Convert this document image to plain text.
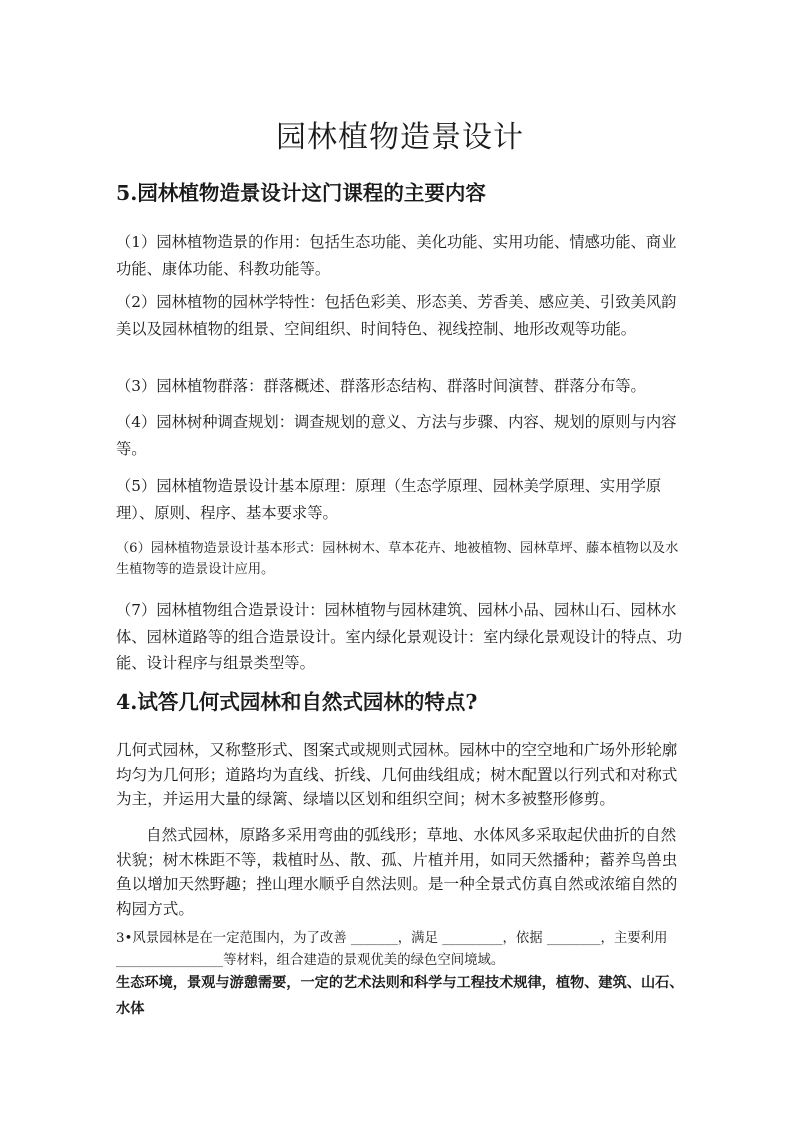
园林植物造景设计
5.园林植物造景设计这门课程的主要内容
（1）园林植物造景的作用：包括生态功能、美化功能、实用功能、情感功能、商业功能、康体功能、科教功能等。
（2）园林植物的园林学特性：包括色彩美、形态美、芳香美、感应美、引致美风韵美以及园林植物的组景、空间组织、时间特色、视线控制、地形改观等功能。
（3）园林植物群落：群落概述、群落形态结构、群落时间演替、群落分布等。
（4）园林树种调查规划：调查规划的意义、方法与步骤、内容、规划的原则与内容等。
（5）园林植物造景设计基本原理：原理（生态学原理、园林美学原理、实用学原理）、原则、程序、基本要求等。
（6）园林植物造景设计基本形式：园林树木、草本花卉、地被植物、园林草坪、藤本植物以及水生植物等的造景设计应用。
（7）园林植物组合造景设计：园林植物与园林建筑、园林小品、园林山石、园林水体、园林道路等的组合造景设计。室内绿化景观设计：室内绿化景观设计的特点、功能、设计程序与组景类型等。
4.试答几何式园林和自然式园林的特点?
几何式园林，又称整形式、图案式或规则式园林。园林中的空空地和广场外形轮廓均匀为几何形；道路均为直线、折线、几何曲线组成；树木配置以行列式和对称式为主，并运用大量的绿篱、绿墙以区划和组织空间；树木多被整形修剪。
自然式园林，原路多采用弯曲的弧线形；草地、水体风多采取起伏曲折的自然状貌；树木株距不等，栽植时丛、散、孤、片植并用，如同天然播种；蓄养鸟兽虫鱼以增加天然野趣；挫山理水顺乎自然法则。是一种全景式仿真自然或浓缩自然的构园方式。
3•风景园林是在一定范围内，为了改善 _______，满足 _________，依据 ________，主要利用________________等材料，组合建造的景观优美的绿色空间境域。
生态环境，景观与游憩需要，一定的艺术法则和科学与工程技术规律，植物、建筑、山石、水体
